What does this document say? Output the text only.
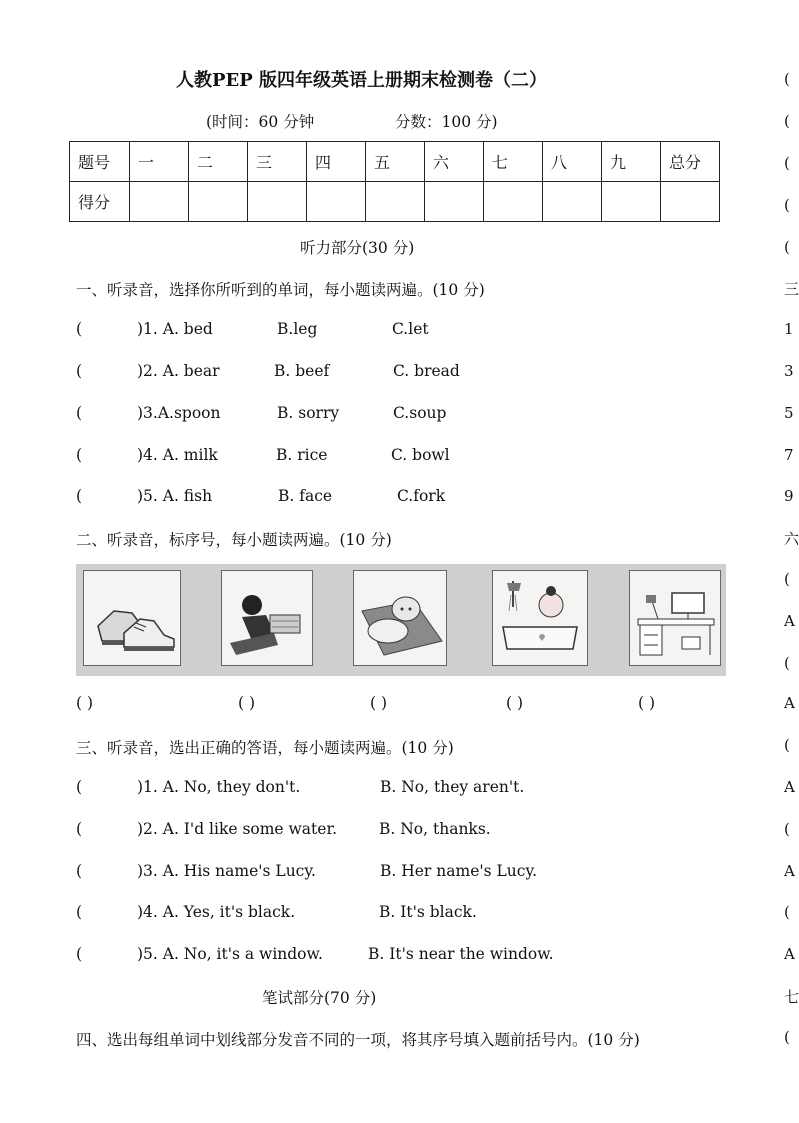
人教PEP 版四年级英语上册期末检测卷（二）
(时间：60 分钟	分数：100 分)
题号	一	二	三	四	五	六	七	八	九	总分
得分										
听力部分(30 分)
一、听录音，选择你所听到的单词，每小题读两遍。(10 分)
(	)1. A. bed	B.leg	C.let
(	)2. A. bear	B. beef	C. bread
(	)3.A.spoon	B. sorry	C.soup
(	)4. A. milk	B. rice	C. bowl
(	)5. A. fish	B. face	C.fork
二、听录音，标序号，每小题读两遍。(10 分)
( )	( )	( )	( )	( )
三、听录音，选出正确的答语，每小题读两遍。(10 分)
(	)1. A. No, they don't.	B. No, they aren't.
(	)2. A. I'd like some water.	B. No, thanks.
(	)3. A. His name's Lucy.	B. Her name's Lucy.
(	)4. A. Yes, it's black.	B. It's black.
(	)5. A. No, it's a window.	B. It's near the window.
笔试部分(70 分)
四、选出每组单词中划线部分发音不同的一项，将其序号填入题前括号内。(10 分)
(
(
(
(
(
三
1
3
5
7
9
六
(
A
(
A
(
A
(
A
(
A
七
(
